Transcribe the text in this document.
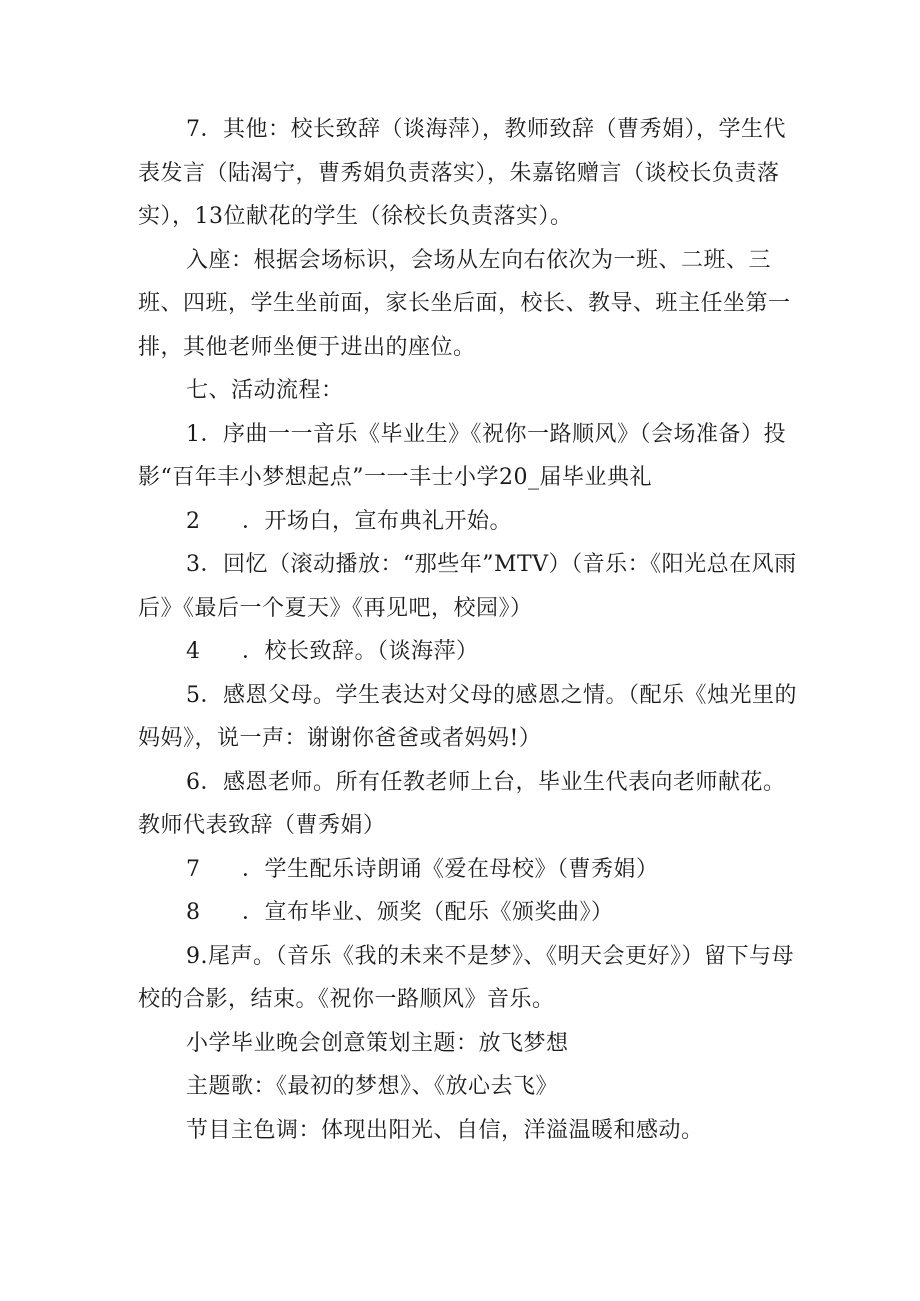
7．其他：校长致辞（谈海萍），教师致辞（曹秀娟），学生代表发言（陆渴宁，曹秀娟负责落实），朱嘉铭赠言（谈校长负责落实），13位献花的学生（徐校长负责落实）。

入座：根据会场标识，会场从左向右依次为一班、二班、三班、四班，学生坐前面，家长坐后面，校长、教导、班主任坐第一排，其他老师坐便于进出的座位。

七、活动流程：

1．序曲一一音乐《毕业生》《祝你一路顺风》（会场准备）投影“百年丰小梦想起点”一一丰士小学20_届毕业典礼

2 ．开场白，宣布典礼开始。

3．回忆（滚动播放：“那些年”MTV）（音乐：《阳光总在风雨后》《最后一个夏天》《再见吧，校园》）

4 ．校长致辞。（谈海萍）

5．感恩父母。学生表达对父母的感恩之情。（配乐《烛光里的妈妈》，说一声：谢谢你爸爸或者妈妈!）

6．感恩老师。所有任教老师上台，毕业生代表向老师献花。教师代表致辞（曹秀娟）

7 ．学生配乐诗朗诵《爱在母校》（曹秀娟）

8 ．宣布毕业、颁奖（配乐《颁奖曲》）

9.尾声。（音乐《我的未来不是梦》、《明天会更好》）留下与母校的合影，结束。《祝你一路顺风》音乐。

小学毕业晚会创意策划主题：放飞梦想

主题歌：《最初的梦想》、《放心去飞》

节目主色调：体现出阳光、自信，洋溢温暖和感动。
